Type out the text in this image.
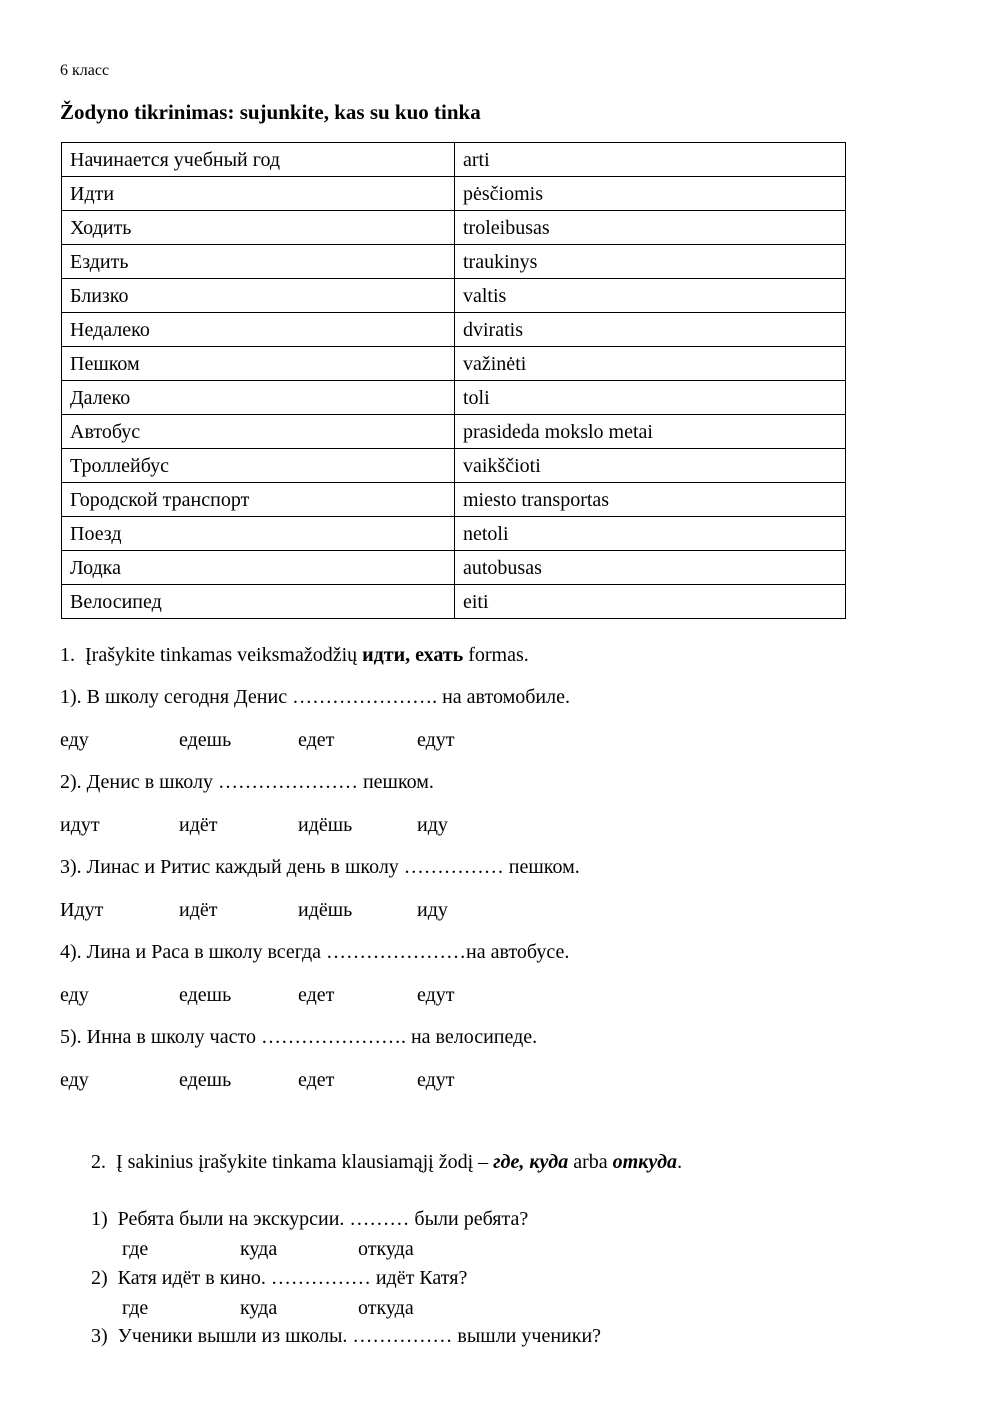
6 класс
Žodyno tikrinimas: sujunkite, kas su kuo tinka
Начинается учебный год	arti
Идти	pėsčiomis
Ходить	troleibusas
Ездить	traukinys
Близко	valtis
Недалеко	dviratis
Пешком	važinėti
Далеко	toli
Автобус	prasideda mokslo metai
Троллейбус	vaikščioti
Городской транспорт	miesto transportas
Поезд	netoli
Лодка	autobusas
Велосипед	eiti
1. Įrašykite tinkamas veiksmažodžių идти, ехать formas.
1). В школу сегодня Денис …………………. на автомобиле.
еду	едешь	едет	едут
2). Денис в школу ………………… пешком.
идут	идёт	идёшь	иду
3). Линас и Ритис каждый день в школу …………… пешком.
Идут	идёт	идёшь	иду
4). Лина и Раса в школу всегда …………………на автобусе.
еду	едешь	едет	едут
5). Инна в школу часто …………………. на велосипеде.
еду	едешь	едет	едут
2. Į sakinius įrašykite tinkama klausiamąjį žodį – где, куда arba откуда.
1) Ребята были на экскурсии. ……… были ребята?
где	куда	откуда
2) Катя идёт в кино. …………… идёт Катя?
где	куда	откуда
3) Ученики вышли из школы. …………… вышли ученики?
